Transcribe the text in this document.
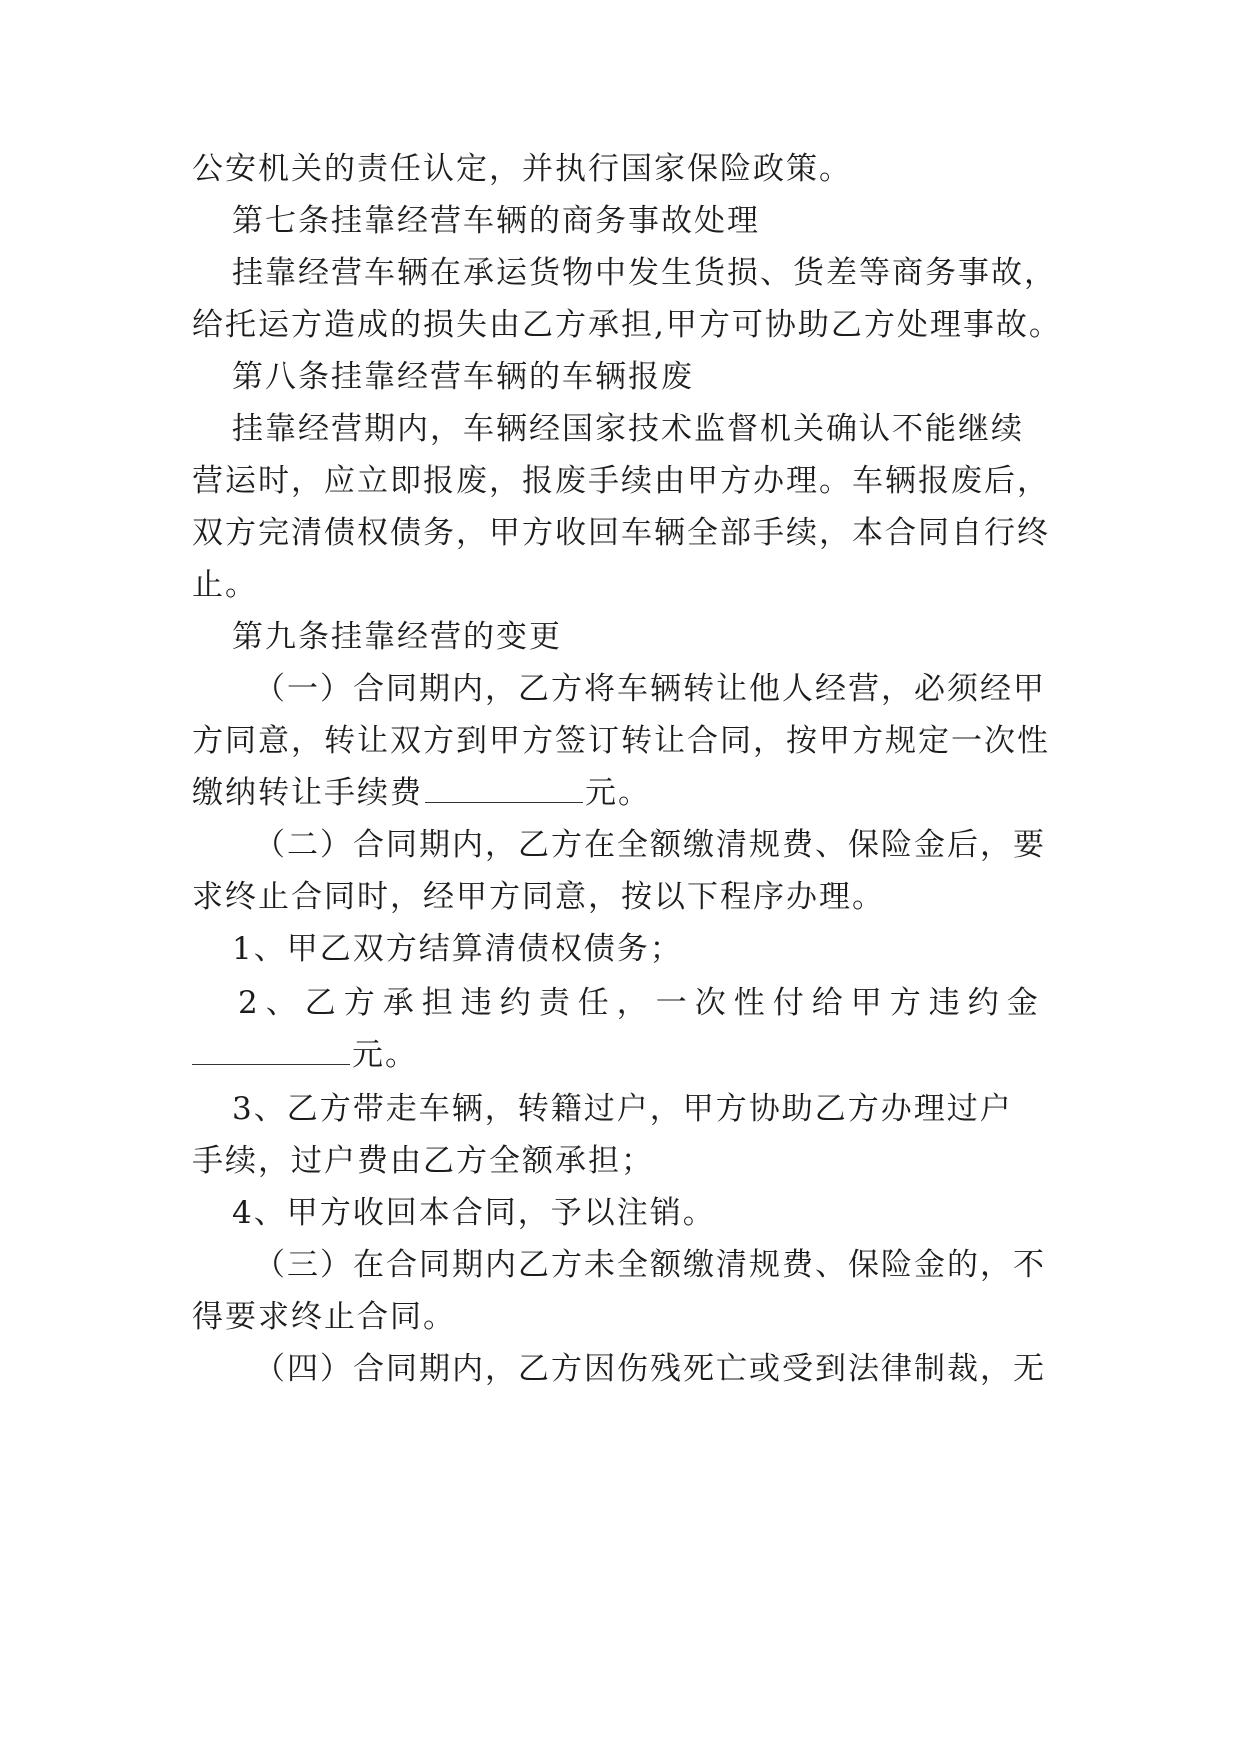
公安机关的责任认定，并执行国家保险政策。
第七条挂靠经营车辆的商务事故处理
挂靠经营车辆在承运货物中发生货损、货差等商务事故，
给托运方造成的损失由乙方承担,甲方可协助乙方处理事故。
第八条挂靠经营车辆的车辆报废
挂靠经营期内，车辆经国家技术监督机关确认不能继续
营运时，应立即报废，报废手续由甲方办理。车辆报废后，
双方完清债权债务，甲方收回车辆全部手续，本合同自行终
止。
第九条挂靠经营的变更
（一）合同期内，乙方将车辆转让他人经营，必须经甲
方同意，转让双方到甲方签订转让合同，按甲方规定一次性
缴纳转让手续费	元。
（二）合同期内，乙方在全额缴清规费、保险金后，要
求终止合同时，经甲方同意，按以下程序办理。
1、甲乙双方结算清债权债务；
2、乙方承担违约责任，一次性付给甲方违约金
元。
3、乙方带走车辆，转籍过户，甲方协助乙方办理过户
手续，过户费由乙方全额承担；
4、甲方收回本合同，予以注销。
（三）在合同期内乙方未全额缴清规费、保险金的，不
得要求终止合同。
（四）合同期内，乙方因伤残死亡或受到法律制裁，无
